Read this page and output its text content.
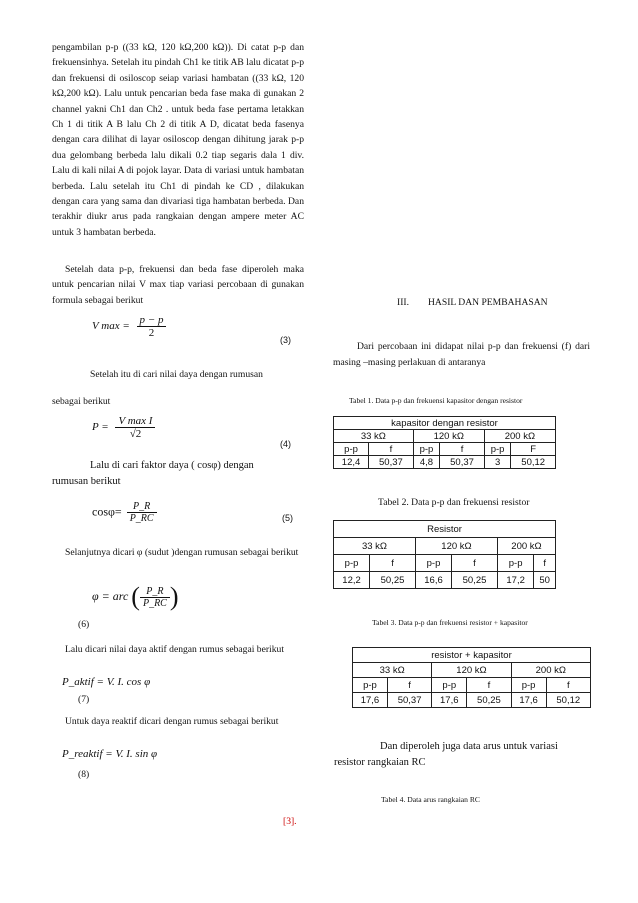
pengambilan p-p ((33 kΩ, 120 kΩ,200 kΩ)). Di catat p-p dan frekuensinhya. Setelah itu pindah Ch1 ke titik AB lalu dicatat p-p dan frekuensi di osiloscop seiap variasi hambatan ((33 kΩ, 120 kΩ,200 kΩ). Lalu untuk pencarian beda fase maka di gunakan 2 channel yakni Ch1 dan Ch2 . untuk beda fase pertama letakkan Ch 1 di titik A B lalu Ch 2 di titik A D, dicatat beda fasenya dengan cara dilihat di layar osiloscop dengan dihitung jarak p-p dua gelombang berbeda lalu dikali 0.2 tiap segaris dala 1 div. Lalu di kali nilai A di pojok layar. Data di variasi untuk hambatan berbeda. Lalu setelah itu Ch1 di pindah ke CD , dilakukan dengan cara yang sama dan divariasi tiga hambatan berbeda. Dan terakhir diukr arus pada rangkaian dengan ampere meter AC untuk 3 hambatan berbeda.

Setelah data p-p, frekuensi dan beda fase diperoleh maka untuk pencarian nilai V max tiap variasi percobaan di gunakan formula sebagai berikut

V $\max = \frac{p - p}{2}$
(3)
Setelah itu di cari nilai daya dengan rumusan
sebagai berikut
$P = \frac{\text{V max I}}{√2}$
(4)
Lalu di cari faktor daya ( cosφ) dengan
rumusan berikut
$\cos\varphi= \frac{P\_R}{P\_RC}$	(5)
Selanjutnya dicari φ (sudut )dengan rumusan sebagai berikut
φ = arc ( $\frac{P\_R}{P\_RC}$ )
(6)
Lalu dicari nilai daya aktif dengan rumus sebagai berikut
P_aktif = V. I. cos φ
(7)
Untuk daya reaktif dicari dengan rumus sebagai berikut
P_reaktif = V. I. sin φ
(8)
[3].
III. HASIL DAN PEMBAHASAN
Dari percobaan ini didapat nilai p-p dan frekuensi (f) dari masing –masing perlakuan di antaranya
Tabel 1. Data p-p dan frekuensi kapasitor dengan resistor
kapasitor dengan resistor					
33 kΩ		120 kΩ		200 kΩ	
p-p	f	p-p	f	p-p	F
12,4	50,37	4,8	50,37	3	50,12
Tabel 2. Data p-p dan frekuensi resistor
Resistor					
33 kΩ		120 kΩ		200 kΩ	
p-p	f	p-p	f	p-p	f
12,2	50,25	16,6	50,25	17,2	50
Tabel 3. Data p-p dan frekuensi resistor + kapasitor
resistor + kapasitor					
33 kΩ		120 kΩ		200 kΩ	
p-p	f	p-p	f	p-p	f
17,6	50,37	17,6	50,25	17,6	50,12
Dan diperoleh juga data arus untuk variasi
resistor rangkaian RC
Tabel 4. Data arus rangkaian RC
